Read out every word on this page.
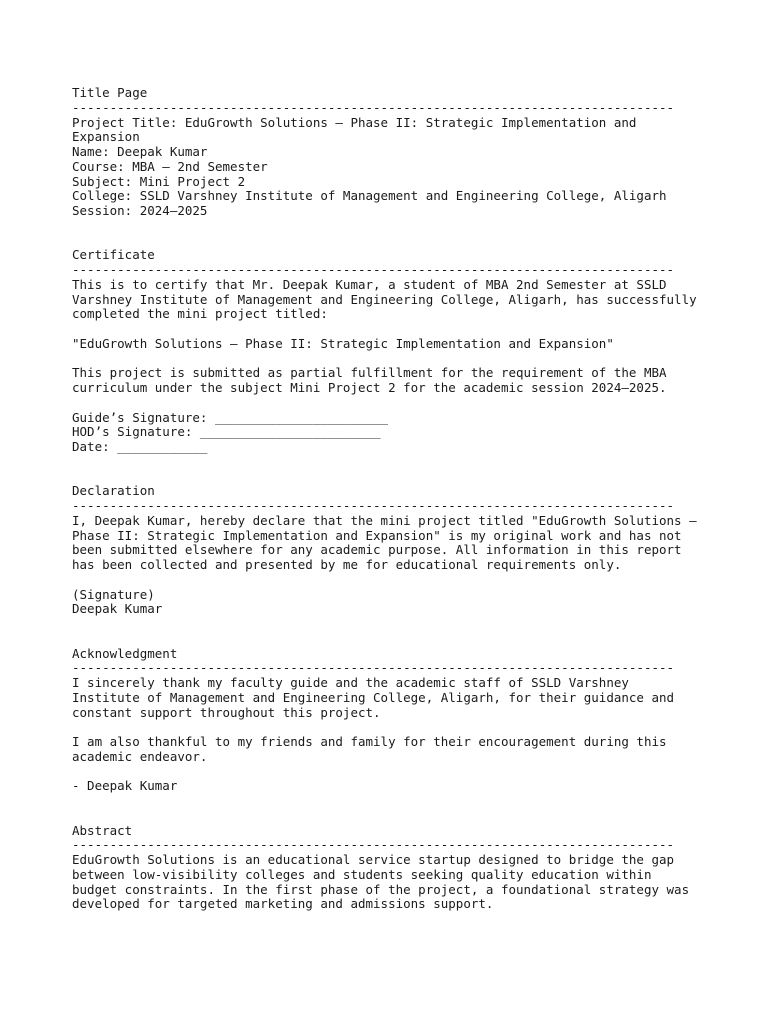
Title Page
--------------------------------------------------------------------------------
Project Title: EduGrowth Solutions – Phase II: Strategic Implementation and
Expansion
Name: Deepak Kumar
Course: MBA – 2nd Semester
Subject: Mini Project 2
College: SSLD Varshney Institute of Management and Engineering College, Aligarh
Session: 2024–2025
Certificate
--------------------------------------------------------------------------------
This is to certify that Mr. Deepak Kumar, a student of MBA 2nd Semester at SSLD
Varshney Institute of Management and Engineering College, Aligarh, has successfully
completed the mini project titled:
"EduGrowth Solutions – Phase II: Strategic Implementation and Expansion"
This project is submitted as partial fulfillment for the requirement of the MBA
curriculum under the subject Mini Project 2 for the academic session 2024–2025.
Guide’s Signature: _______________________
HOD’s Signature: ________________________
Date: ____________
Declaration
--------------------------------------------------------------------------------
I, Deepak Kumar, hereby declare that the mini project titled "EduGrowth Solutions –
Phase II: Strategic Implementation and Expansion" is my original work and has not
been submitted elsewhere for any academic purpose. All information in this report
has been collected and presented by me for educational requirements only.
(Signature)
Deepak Kumar
Acknowledgment
--------------------------------------------------------------------------------
I sincerely thank my faculty guide and the academic staff of SSLD Varshney
Institute of Management and Engineering College, Aligarh, for their guidance and
constant support throughout this project.
I am also thankful to my friends and family for their encouragement during this
academic endeavor.
- Deepak Kumar
Abstract
--------------------------------------------------------------------------------
EduGrowth Solutions is an educational service startup designed to bridge the gap
between low-visibility colleges and students seeking quality education within
budget constraints. In the first phase of the project, a foundational strategy was
developed for targeted marketing and admissions support.
